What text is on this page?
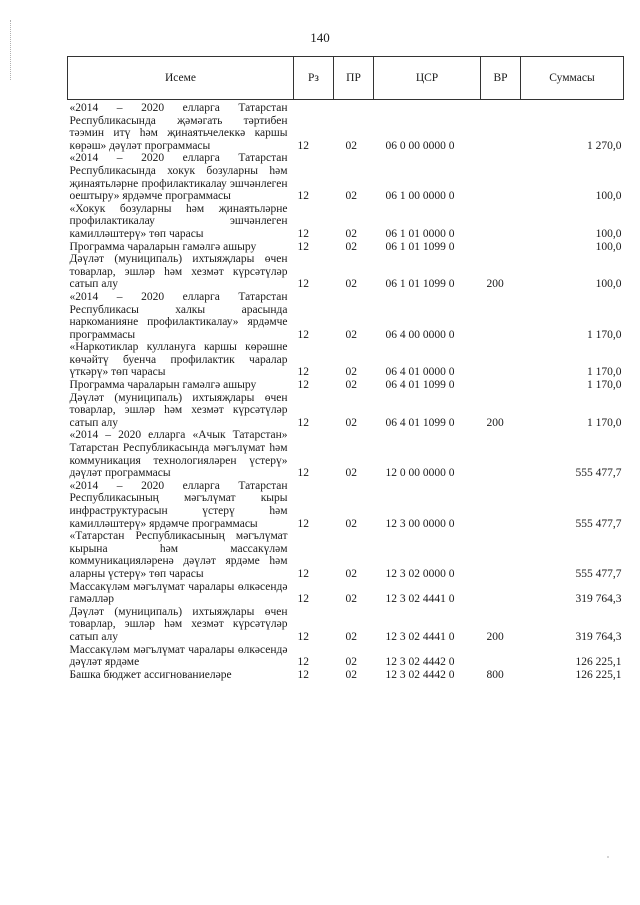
140
Исеме	Рз	ПР	ЦСР	ВР	Суммасы
«2014 – 2020 елларга Татарстан Республикасында җәмәгать тәртибен тәэмин итү һәм җинаятьчелеккә каршы көрәш» дәүләт программасы	12	02	06 0 00 0000 0		1 270,0
«2014 – 2020 елларга Татарстан Республикасында хокук бозуларны һәм җинаятьләрне профилактикалау эшчәнлеген оештыру» ярдәмче программасы	12	02	06 1 00 0000 0		100,0
«Хокук бозуларны һәм җинаятьләрне профилактикалау эшчәнлеген камилләштерү» төп чарасы	12	02	06 1 01 0000 0		100,0
Программа чараларын гамәлгә ашыру	12	02	06 1 01 1099 0		100,0
Дәүләт (муниципаль) ихтыяҗлары өчен товарлар, эшләр һәм хезмәт күрсәтүләр сатып алу	12	02	06 1 01 1099 0	200	100,0
«2014 – 2020 елларга Татарстан Республикасы халкы арасында наркоманияне профилактикалау» ярдәмче программасы	12	02	06 4 00 0000 0		1 170,0
«Наркотиклар кулланугa каршы көрәшне көчәйтү буенча профилактик чаралар үткәрү» төп чарасы	12	02	06 4 01 0000 0		1 170,0
Программа чараларын гамәлгә ашыру	12	02	06 4 01 1099 0		1 170,0
Дәүләт (муниципаль) ихтыяҗлары өчен товарлар, эшләр һәм хезмәт күрсәтүләр сатып алу	12	02	06 4 01 1099 0	200	1 170,0
«2014 – 2020 елларга «Ачык Татарстан» Татарстан Республикасында мәгълүмат һәм коммуникация технологияләрен үстерү» дәүләт программасы	12	02	12 0 00 0000 0		555 477,7
«2014 – 2020 елларга Татарстан Республикасының мәгълүмат кыры инфраструктурасын үстерү һәм камилләштерү» ярдәмче программасы	12	02	12 3 00 0000 0		555 477,7
«Татарстан Республикасының мәгълүмат кырына һәм массакүләм коммуникацияләренә дәүләт ярдәме һәм аларны үстерү» төп чарасы	12	02	12 3 02 0000 0		555 477,7
Массакүләм мәгълүмат чаралары өлкәсендә гамәлләр	12	02	12 3 02 4441 0		319 764,3
Дәүләт (муниципаль) ихтыяҗлары өчен товарлар, эшләр һәм хезмәт күрсәтүләр сатып алу	12	02	12 3 02 4441 0	200	319 764,3
Массакүләм мәгълүмат чаралары өлкәсендә дәүләт ярдәме	12	02	12 3 02 4442 0		126 225,1
Башка бюджет ассигнованиеләре	12	02	12 3 02 4442 0	800	126 225,1
